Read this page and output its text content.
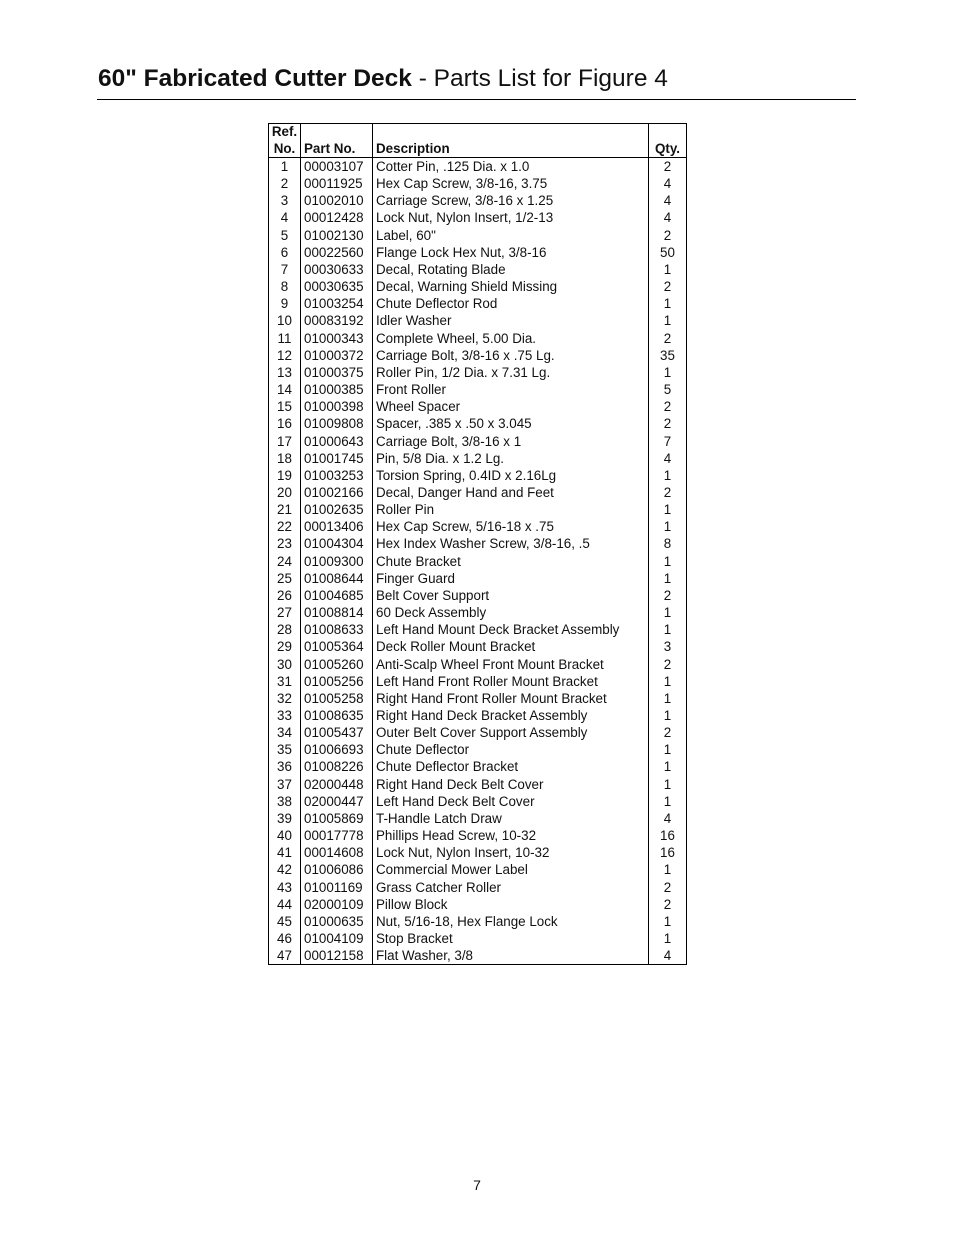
60" Fabricated Cutter Deck - Parts List for Figure 4
Ref.
No.	Part No.	Description	Qty.
1	00003107	Cotter Pin, .125 Dia. x 1.0	2
2	00011925	Hex Cap Screw, 3/8-16, 3.75	4
3	01002010	Carriage Screw, 3/8-16 x 1.25	4
4	00012428	Lock Nut, Nylon Insert, 1/2-13	4
5	01002130	Label, 60"	2
6	00022560	Flange Lock Hex Nut, 3/8-16	50
7	00030633	Decal, Rotating Blade	1
8	00030635	Decal, Warning Shield Missing	2
9	01003254	Chute Deflector Rod	1
10	00083192	Idler Washer	1
11	01000343	Complete Wheel, 5.00 Dia.	2
12	01000372	Carriage Bolt, 3/8-16 x .75 Lg.	35
13	01000375	Roller Pin, 1/2 Dia. x 7.31 Lg.	1
14	01000385	Front Roller	5
15	01000398	Wheel Spacer	2
16	01009808	Spacer, .385 x .50 x 3.045	2
17	01000643	Carriage Bolt, 3/8-16 x 1	7
18	01001745	Pin, 5/8 Dia. x 1.2 Lg.	4
19	01003253	Torsion Spring, 0.4ID x 2.16Lg	1
20	01002166	Decal, Danger Hand and Feet	2
21	01002635	Roller Pin	1
22	00013406	Hex Cap Screw, 5/16-18 x .75	1
23	01004304	Hex Index Washer Screw, 3/8-16, .5	8
24	01009300	Chute Bracket	1
25	01008644	Finger Guard	1
26	01004685	Belt Cover Support	2
27	01008814	60 Deck Assembly	1
28	01008633	Left Hand Mount Deck Bracket Assembly	1
29	01005364	Deck Roller Mount Bracket	3
30	01005260	Anti-Scalp Wheel Front Mount Bracket	2
31	01005256	Left Hand Front Roller Mount Bracket	1
32	01005258	Right Hand Front Roller Mount Bracket	1
33	01008635	Right Hand Deck Bracket Assembly	1
34	01005437	Outer Belt Cover Support Assembly	2
35	01006693	Chute Deflector	1
36	01008226	Chute Deflector Bracket	1
37	02000448	Right Hand Deck Belt Cover	1
38	02000447	Left Hand Deck Belt Cover	1
39	01005869	T-Handle Latch Draw	4
40	00017778	Phillips Head Screw, 10-32	16
41	00014608	Lock Nut, Nylon Insert, 10-32	16
42	01006086	Commercial Mower Label	1
43	01001169	Grass Catcher Roller	2
44	02000109	Pillow Block	2
45	01000635	Nut, 5/16-18, Hex Flange Lock	1
46	01004109	Stop Bracket	1
47	00012158	Flat Washer, 3/8	4
7
